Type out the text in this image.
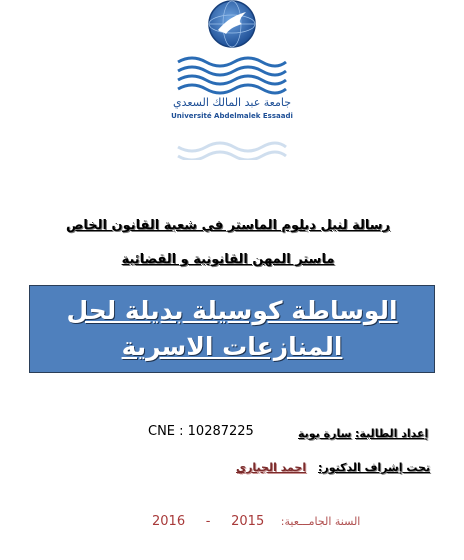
جامعة عبد المالك السعدي
Université Abdelmalek Essaadi
رسالة لنيل دبلوم الماستر في شعبة القانون الخاص
ماستر المهن القانونية و القضائية
الوساطة كوسيلة بديلة لحل
المنازعات الاسرية
إعداد الطالبة:
سارة بوية
CNE : 10287225
تحت إشراف الدكتور:
احمد الجباري
السنة الجامـــعية:    2015     -     2016
